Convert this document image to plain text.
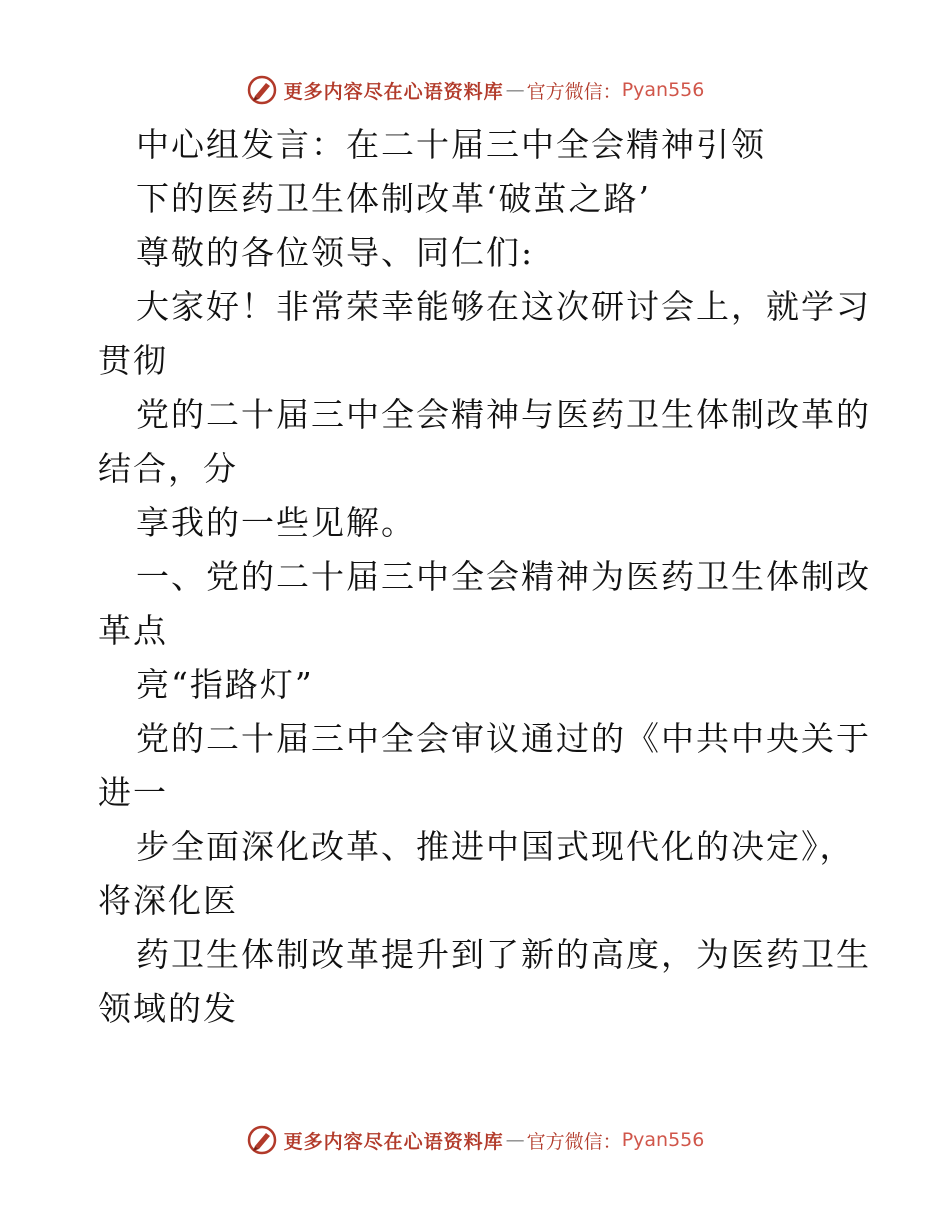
更多内容尽在心语资料库 — 官方微信： Pyan556
中心组发言：在二十届三中全会精神引领
下的医药卫生体制改革‘破茧之路’
尊敬的各位领导、同仁们:
大家好！非常荣幸能够在这次研讨会上，就学习
贯彻
党的二十届三中全会精神与医药卫生体制改革的
结合，分
享我的一些见解。
一、党的二十届三中全会精神为医药卫生体制改
革点
亮“指路灯”
党的二十届三中全会审议通过的《中共中央关于
进一
步全面深化改革、推进中国式现代化的决定》，
将深化医
药卫生体制改革提升到了新的高度，为医药卫生
领域的发
更多内容尽在心语资料库 — 官方微信： Pyan556
